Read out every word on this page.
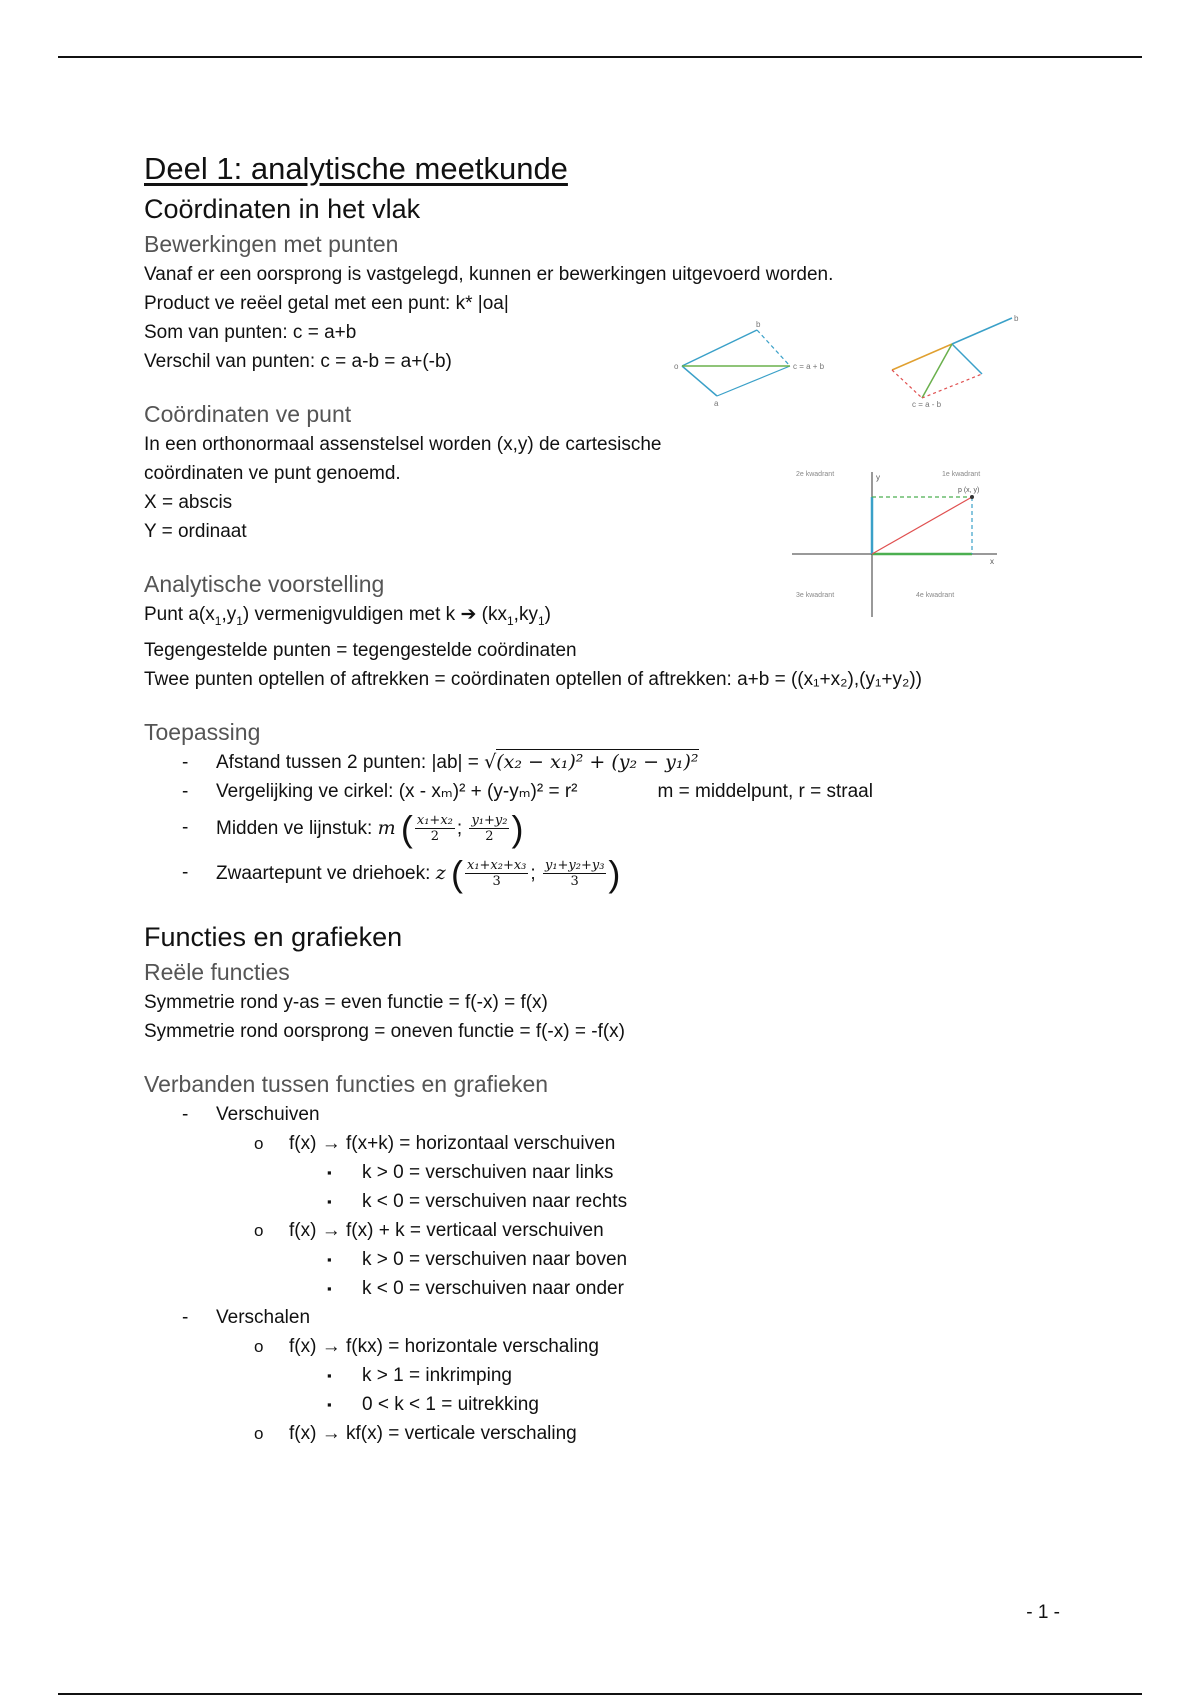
Deel 1: analytische meetkunde
Coördinaten in het vlak
Bewerkingen met punten

Vanaf er een oorsprong is vastgelegd, kunnen er bewerkingen uitgevoerd worden.

Product ve reëel getal met een punt: k* |oa|

Som van punten: c = a+b

Verschil van punten: c = a-b = a+(-b)

Coördinaten ve punt

In een orthonormaal assenstelsel worden (x,y) de cartesische

coördinaten ve punt genoemd.

X = abscis

Y = ordinaat

Analytische voorstelling

Punt $a(x_1,y_1)$ vermenigvuldigen met k ➔ $(kx_1,ky_1)$

Tegengestelde punten = tegengestelde coördinaten

Twee punten optellen of aftrekken = coördinaten optellen of aftrekken: a+b = ((x₁+x₂),(y₁+y₂))

Toepassing
- Afstand tussen 2 punten: |ab| = √(x₂ − x₁)² + (y₂ − y₁)²
- Vergelijking ve cirkel: (x - xₘ)² + (y-yₘ)² = r²	m = middelpunt, r = straal
- Midden ve lijnstuk: m ( $\frac{\text{x₁+x₂}}{2}$ ; $\frac{\text{y₁+y₂}}{2}$ )
- Zwaartepunt ve driehoek: z ( $\frac{\text{x₁+x₂+x₃}}{3}$ ; $\frac{\text{y₁+y₂+y₃}}{3}$ )
Functies en grafieken
Reële functies

Symmetrie rond y-as = even functie = f(-x) = f(x)

Symmetrie rond oorsprong = oneven functie = f(-x) = -f(x)

Verbanden tussen functies en grafieken
- Verschuiven
o f(x) → f(x+k) = horizontaal verschuiven
▪ k > 0 = verschuiven naar links
▪ k < 0 = verschuiven naar rechts
o f(x) → f(x) + k = verticaal verschuiven
▪ k > 0 = verschuiven naar boven
▪ k < 0 = verschuiven naar onder
- Verschalen
o f(x) → f(kx) = horizontale verschaling
▪ k > 1 = inkrimping
▪ 0 < k < 1 = uitrekking
o f(x) → kf(x) = verticale verschaling
o
a
b
c = a + b
c = a - b
b
2e kwadrant	1e kwadrant
3e kwadrant	4e kwadrant
y
x
p (x, y)
- 1 -
